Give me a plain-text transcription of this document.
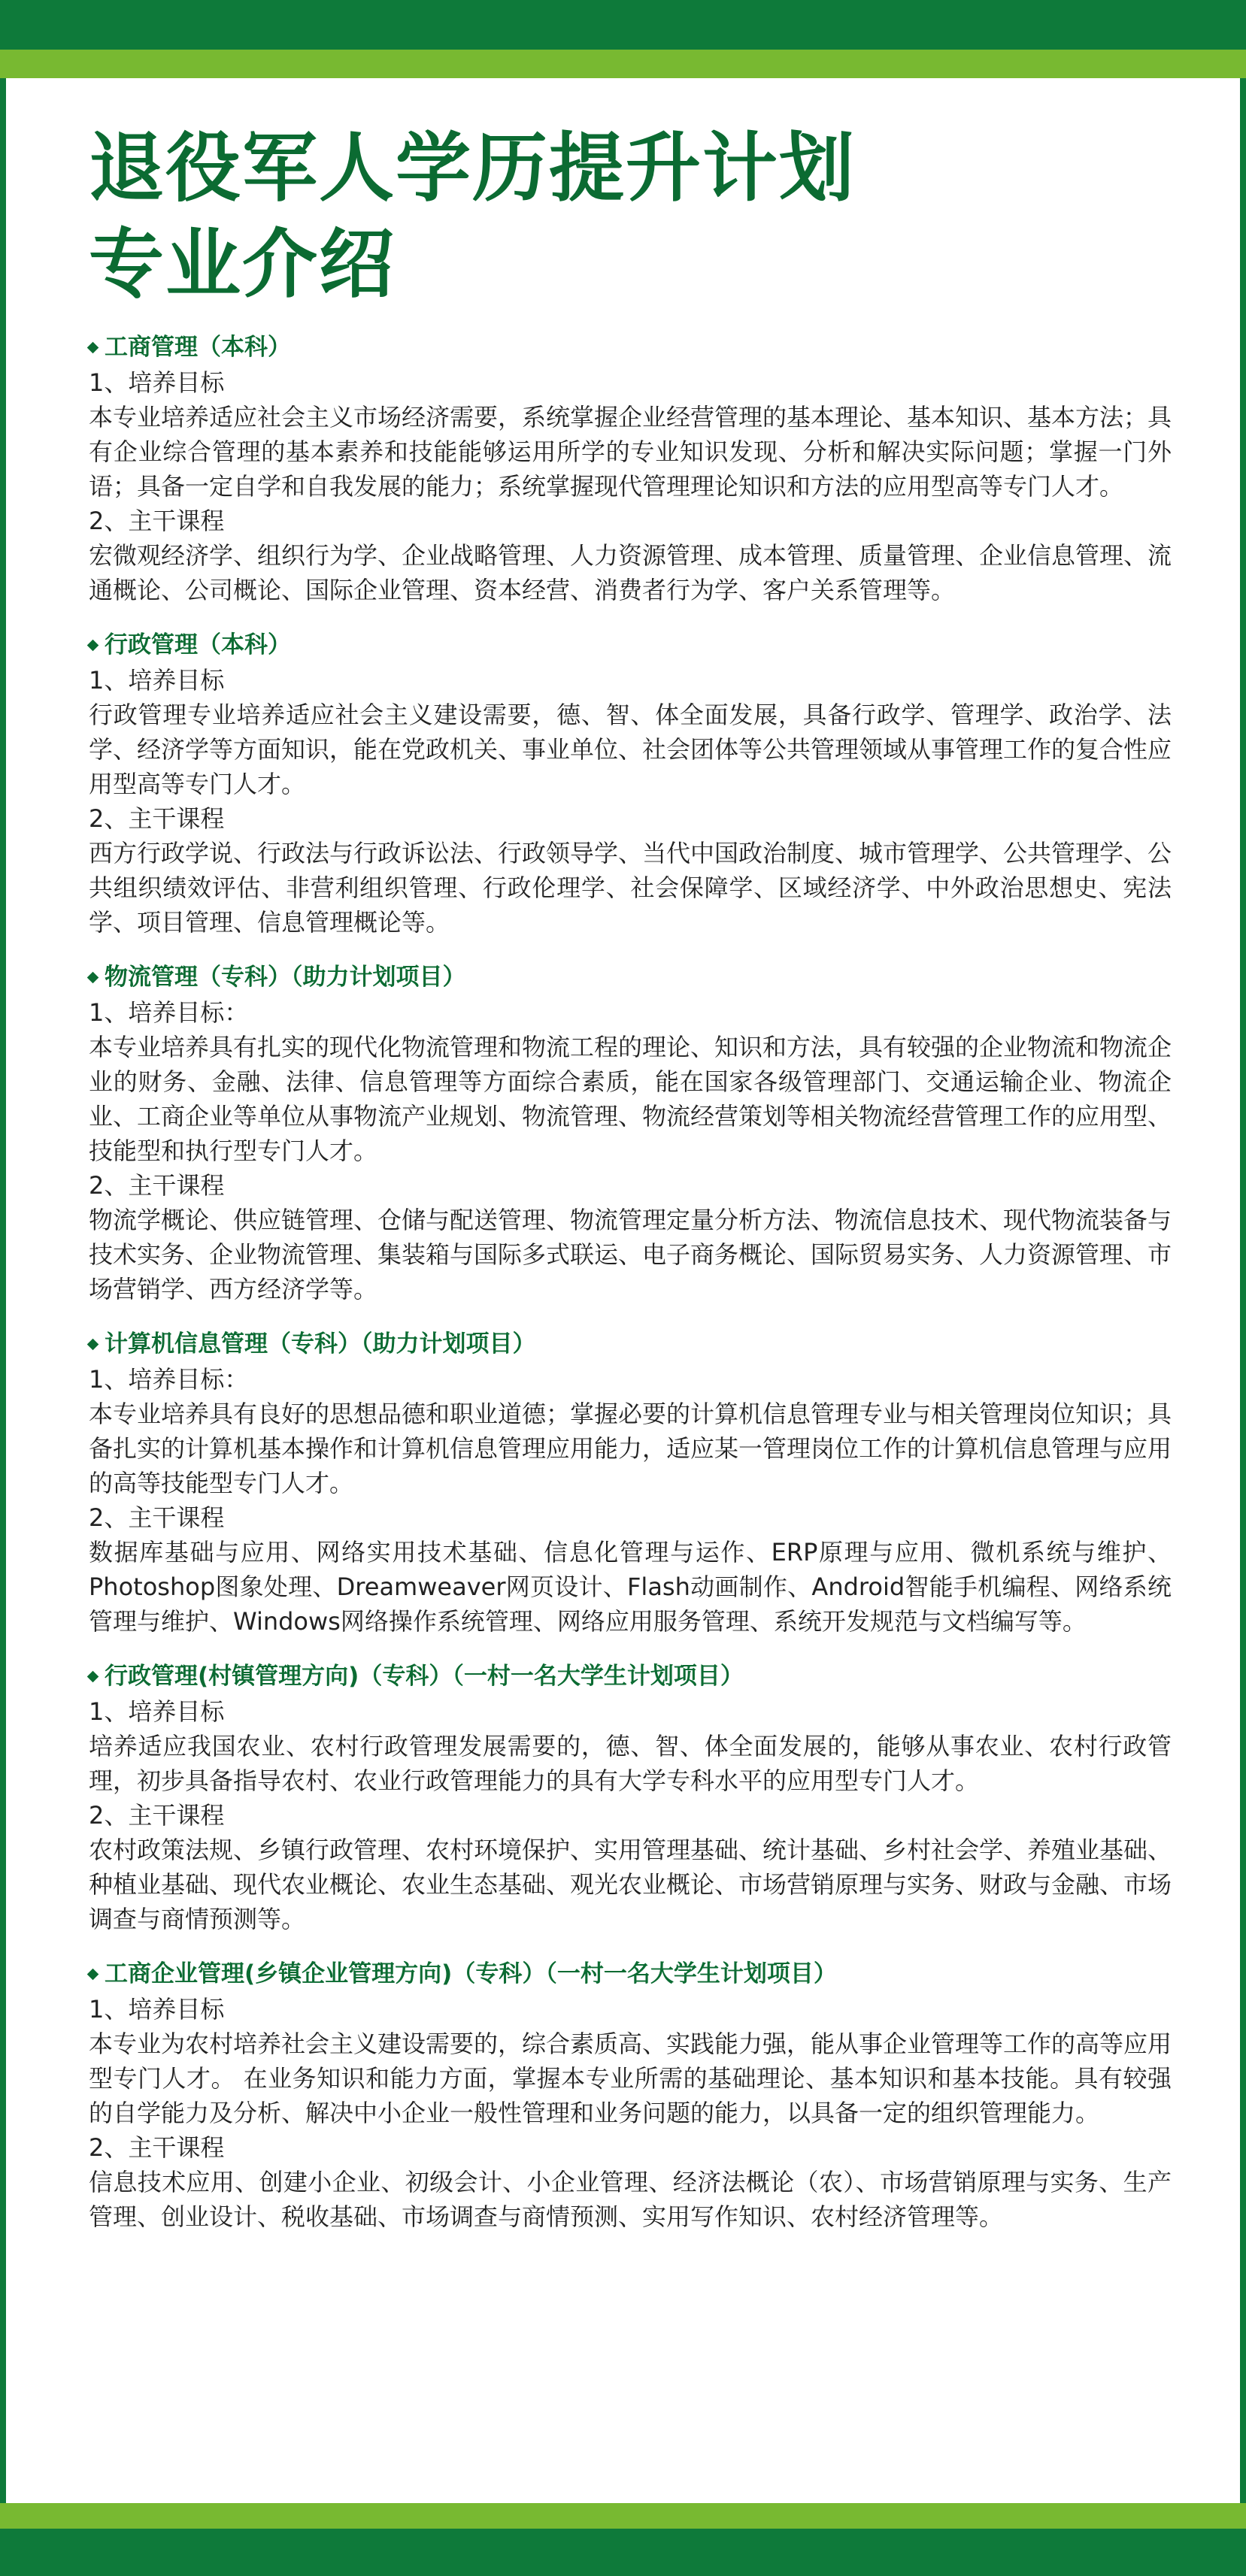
退役军人学历提升计划
专业介绍
工商管理（本科）
1、培养目标

本专业培养适应社会主义市场经济需要，系统掌握企业经营管理的基本理论、基本知识、基本方法；具有企业综合管理的基本素养和技能能够运用所学的专业知识发现、分析和解决实际问题；掌握一门外语；具备一定自学和自我发展的能力；系统掌握现代管理理论知识和方法的应用型高等专门人才。

2、主干课程

宏微观经济学、组织行为学、企业战略管理、人力资源管理、成本管理、质量管理、企业信息管理、流通概论、公司概论、国际企业管理、资本经营、消费者行为学、客户关系管理等。

行政管理（本科）
1、培养目标

行政管理专业培养适应社会主义建设需要，德、智、体全面发展，具备行政学、管理学、政治学、法学、经济学等方面知识，能在党政机关、事业单位、社会团体等公共管理领域从事管理工作的复合性应用型高等专门人才。

2、主干课程

西方行政学说、行政法与行政诉讼法、行政领导学、当代中国政治制度、城市管理学、公共管理学、公共组织绩效评估、非营利组织管理、行政伦理学、社会保障学、区域经济学、中外政治思想史、宪法学、项目管理、信息管理概论等。

物流管理（专科）（助力计划项目）
1、培养目标：

本专业培养具有扎实的现代化物流管理和物流工程的理论、知识和方法，具有较强的企业物流和物流企业的财务、金融、法律、信息管理等方面综合素质，能在国家各级管理部门、交通运输企业、物流企业、工商企业等单位从事物流产业规划、物流管理、物流经营策划等相关物流经营管理工作的应用型、技能型和执行型专门人才。

2、主干课程

物流学概论、供应链管理、仓储与配送管理、物流管理定量分析方法、物流信息技术、现代物流装备与技术实务、企业物流管理、集装箱与国际多式联运、电子商务概论、国际贸易实务、人力资源管理、市场营销学、西方经济学等。

计算机信息管理（专科）（助力计划项目）
1、培养目标：

本专业培养具有良好的思想品德和职业道德；掌握必要的计算机信息管理专业与相关管理岗位知识；具备扎实的计算机基本操作和计算机信息管理应用能力，适应某一管理岗位工作的计算机信息管理与应用的高等技能型专门人才。

2、主干课程

数据库基础与应用、网络实用技术基础、信息化管理与运作、ERP原理与应用、微机系统与维护、Photoshop图象处理、Dreamweaver网页设计、Flash动画制作、Android智能手机编程、网络系统管理与维护、Windows网络操作系统管理、网络应用服务管理、系统开发规范与文档编写等。

行政管理(村镇管理方向)（专科）（一村一名大学生计划项目）
1、培养目标

培养适应我国农业、农村行政管理发展需要的，德、智、体全面发展的，能够从事农业、农村行政管理，初步具备指导农村、农业行政管理能力的具有大学专科水平的应用型专门人才。

2、主干课程

农村政策法规、乡镇行政管理、农村环境保护、实用管理基础、统计基础、乡村社会学、养殖业基础、种植业基础、现代农业概论、农业生态基础、观光农业概论、市场营销原理与实务、财政与金融、市场调查与商情预测等。

工商企业管理(乡镇企业管理方向)（专科）（一村一名大学生计划项目）
1、培养目标

本专业为农村培养社会主义建设需要的，综合素质高、实践能力强，能从事企业管理等工作的高等应用型专门人才。 在业务知识和能力方面，掌握本专业所需的基础理论、基本知识和基本技能。具有较强的自学能力及分析、解决中小企业一般性管理和业务问题的能力，以具备一定的组织管理能力。

2、主干课程

信息技术应用、创建小企业、初级会计、小企业管理、经济法概论（农）、市场营销原理与实务、生产管理、创业设计、税收基础、市场调查与商情预测、实用写作知识、农村经济管理等。
